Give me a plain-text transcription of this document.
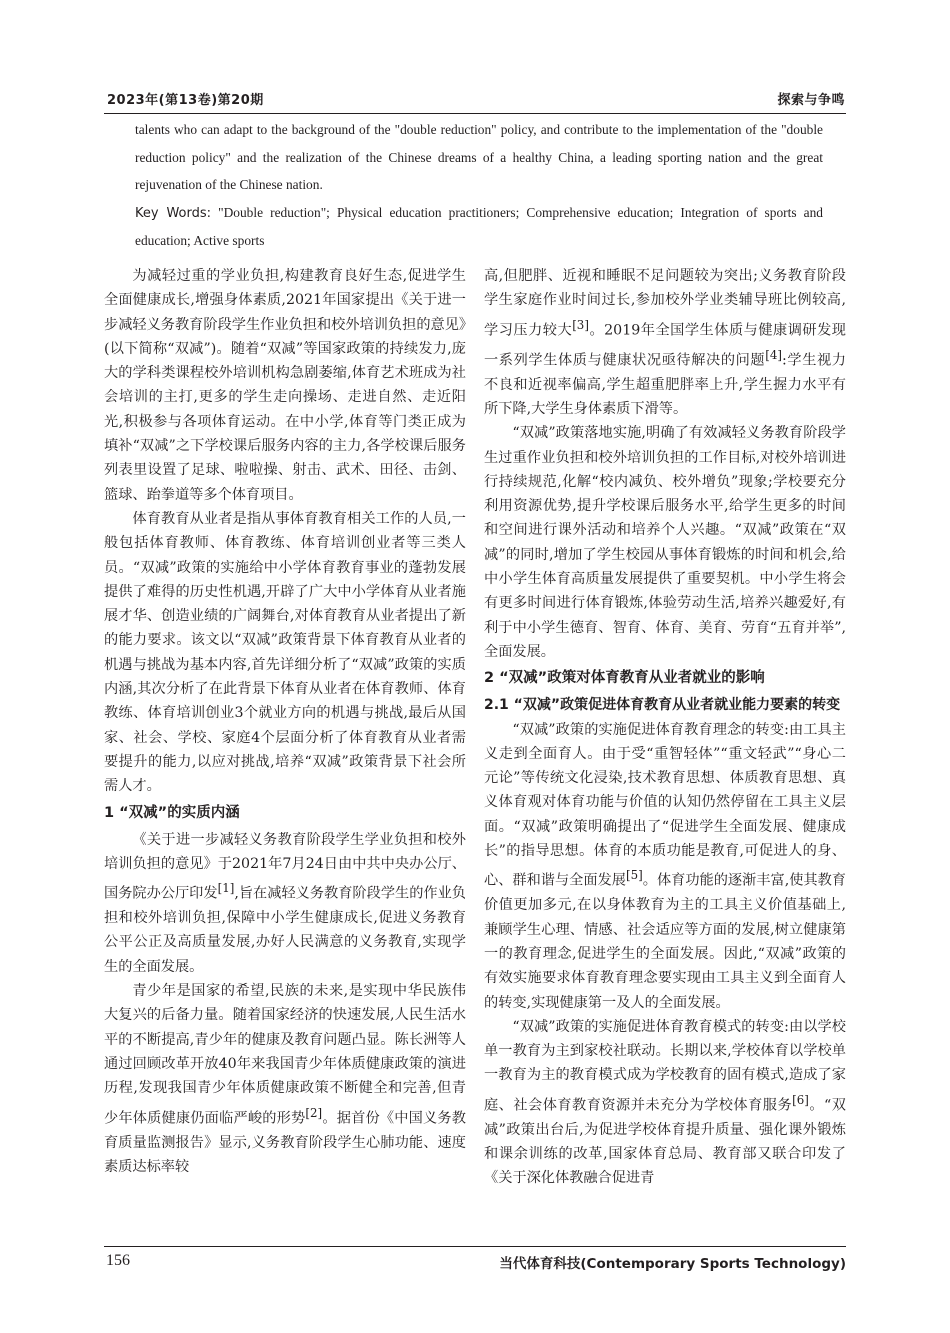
2023年(第13卷)第20期	探索与争鸣

talents who can adapt to the background of the "double reduction" policy, and contribute to the implementation of the "double reduction policy" and the realization of the Chinese dreams of a healthy China, a leading sporting nation and the great rejuvenation of the Chinese nation.

Key Words: "Double reduction"; Physical education practitioners; Comprehensive education; Integration of sports and education; Active sports

为减轻过重的学业负担,构建教育良好生态,促进学生全面健康成长,增强身体素质,2021年国家提出《关于进一步减轻义务教育阶段学生作业负担和校外培训负担的意见》(以下简称“双减”)。随着“双减”等国家政策的持续发力,庞大的学科类课程校外培训机构急剧萎缩,体育艺术班成为社会培训的主打,更多的学生走向操场、走进自然、走近阳光,积极参与各项体育运动。在中小学,体育等门类正成为填补“双减”之下学校课后服务内容的主力,各学校课后服务列表里设置了足球、啦啦操、射击、武术、田径、击剑、篮球、跆拳道等多个体育项目。

体育教育从业者是指从事体育教育相关工作的人员,一般包括体育教师、体育教练、体育培训创业者等三类人员。“双减”政策的实施给中小学体育教育事业的蓬勃发展提供了难得的历史性机遇,开辟了广大中小学体育从业者施展才华、创造业绩的广阔舞台,对体育教育从业者提出了新的能力要求。该文以“双减”政策背景下体育教育从业者的机遇与挑战为基本内容,首先详细分析了“双减”政策的实质内涵,其次分析了在此背景下体育从业者在体育教师、体育教练、体育培训创业3个就业方向的机遇与挑战,最后从国家、社会、学校、家庭4个层面分析了体育教育从业者需要提升的能力,以应对挑战,培养“双减”政策背景下社会所需人才。

1 “双减”的实质内涵

《关于进一步减轻义务教育阶段学生学业负担和校外培训负担的意见》于2021年7月24日由中共中央办公厅、国务院办公厅印发[1],旨在减轻义务教育阶段学生的作业负担和校外培训负担,保障中小学生健康成长,促进义务教育公平公正及高质量发展,办好人民满意的义务教育,实现学生的全面发展。

青少年是国家的希望,民族的未来,是实现中华民族伟大复兴的后备力量。随着国家经济的快速发展,人民生活水平的不断提高,青少年的健康及教育问题凸显。陈长洲等人通过回顾改革开放40年来我国青少年体质健康政策的演进历程,发现我国青少年体质健康政策不断健全和完善,但青少年体质健康仍面临严峻的形势[2]。据首份《中国义务教育质量监测报告》显示,义务教育阶段学生心肺功能、速度素质达标率较

高,但肥胖、近视和睡眠不足问题较为突出;义务教育阶段学生家庭作业时间过长,参加校外学业类辅导班比例较高,学习压力较大[3]。2019年全国学生体质与健康调研发现一系列学生体质与健康状况亟待解决的问题[4]:学生视力不良和近视率偏高,学生超重肥胖率上升,学生握力水平有所下降,大学生身体素质下滑等。

“双减”政策落地实施,明确了有效减轻义务教育阶段学生过重作业负担和校外培训负担的工作目标,对校外培训进行持续规范,化解“校内减负、校外增负”现象;学校要充分利用资源优势,提升学校课后服务水平,给学生更多的时间和空间进行课外活动和培养个人兴趣。“双减”政策在“双减”的同时,增加了学生校园从事体育锻炼的时间和机会,给中小学生体育高质量发展提供了重要契机。中小学生将会有更多时间进行体育锻炼,体验劳动生活,培养兴趣爱好,有利于中小学生德育、智育、体育、美育、劳育“五育并举”,全面发展。

2 “双减”政策对体育教育从业者就业的影响

2.1 “双减”政策促进体育教育从业者就业能力要素的转变

“双减”政策的实施促进体育教育理念的转变:由工具主义走到全面育人。由于受“重智轻体”“重文轻武”“身心二元论”等传统文化浸染,技术教育思想、体质教育思想、真义体育观对体育功能与价值的认知仍然停留在工具主义层面。“双减”政策明确提出了“促进学生全面发展、健康成长”的指导思想。体育的本质功能是教育,可促进人的身、心、群和谐与全面发展[5]。体育功能的逐渐丰富,使其教育价值更加多元,在以身体教育为主的工具主义价值基础上,兼顾学生心理、情感、社会适应等方面的发展,树立健康第一的教育理念,促进学生的全面发展。因此,“双减”政策的有效实施要求体育教育理念要实现由工具主义到全面育人的转变,实现健康第一及人的全面发展。

“双减”政策的实施促进体育教育模式的转变:由以学校单一教育为主到家校社联动。长期以来,学校体育以学校单一教育为主的教育模式成为学校教育的固有模式,造成了家庭、社会体育教育资源并未充分为学校体育服务[6]。“双减”政策出台后,为促进学校体育提升质量、强化课外锻炼和课余训练的改革,国家体育总局、教育部又联合印发了《关于深化体教融合促进青

156	当代体育科技(Contemporary Sports Technology)
